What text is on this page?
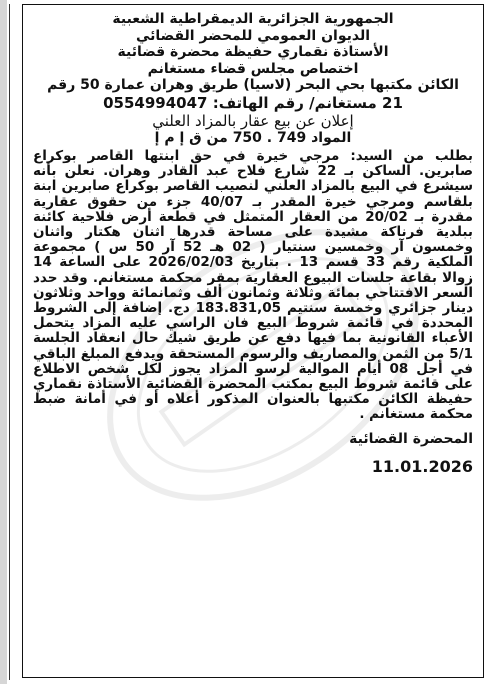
الجمهورية الجزائرية الديمقراطية الشعبية
الديوان العمومي للمحضر القضائي
الأستاذة نقماري حفيظة محضرة قضائية
اختصاص مجلس قضاء مستغانم
الكائن مكتبها بحي البحر (لاسيا) طريق وهران عمارة 50 رقم
21 مستغانم/ رقم الهاتف: 0554994047
إعلان عن بيع عقار بالمزاد العلني
المواد 749 . 750 من ق إ م إ
بطلب من السيد: مرجي خيرة في حق ابنتها القاصر بوكراع صابرين. الساكن بـ 22 شارع فلاح عبد القادر وهران. نعلن بأنه سيشرع في البيع بالمزاد العلني لنصيب القاصر بوكراع صابرين ابنة بلقاسم ومرجي خيرة المقدر بـ 40/07 جزء من حقوق عقارية مقدرة بـ 20/02 من العقار المتمثل في قطعة أرض فلاحية كائنة ببلدية فرناكة مشيدة على مساحة قدرها اثنان هكتار واثنان وخمسون آر وخمسين سنتيار ( 02 هـ 52 آر 50 س ) مجموعة الملكية رقم 33 قسم 13 . بتاريخ 2026/02/03 على الساعة 14 زوالا بقاعة جلسات البيوع العقارية بمقر محكمة مستغانم. وقد حدد السعر الافتتاحي بمائة وثلاثة وثمانون ألف وثمانمائة وواحد وثلاثون دينار جزائري وخمسة سنتيم 183.831,05 دج. إضافة إلى الشروط المحددة في قائمة شروط البيع فان الراسي عليه المزاد يتحمل الأعباء القانونية بما فيها دفع عن طريق شيك حال انعقاد الجلسة 5/1 من الثمن والمصاريف والرسوم المستحقة ويدفع المبلغ الباقي في أجل 08 أيام الموالية لرسو المزاد يجوز لكل شخص الاطلاع على قائمة شروط البيع بمكتب المحضرة القضائية الأستاذة نقماري حفيظة الكائن مكتبها بالعنوان المذكور أعلاه أو في أمانة ضبط محكمة مستغانم .
المحضرة القضائية
11.01.2026
